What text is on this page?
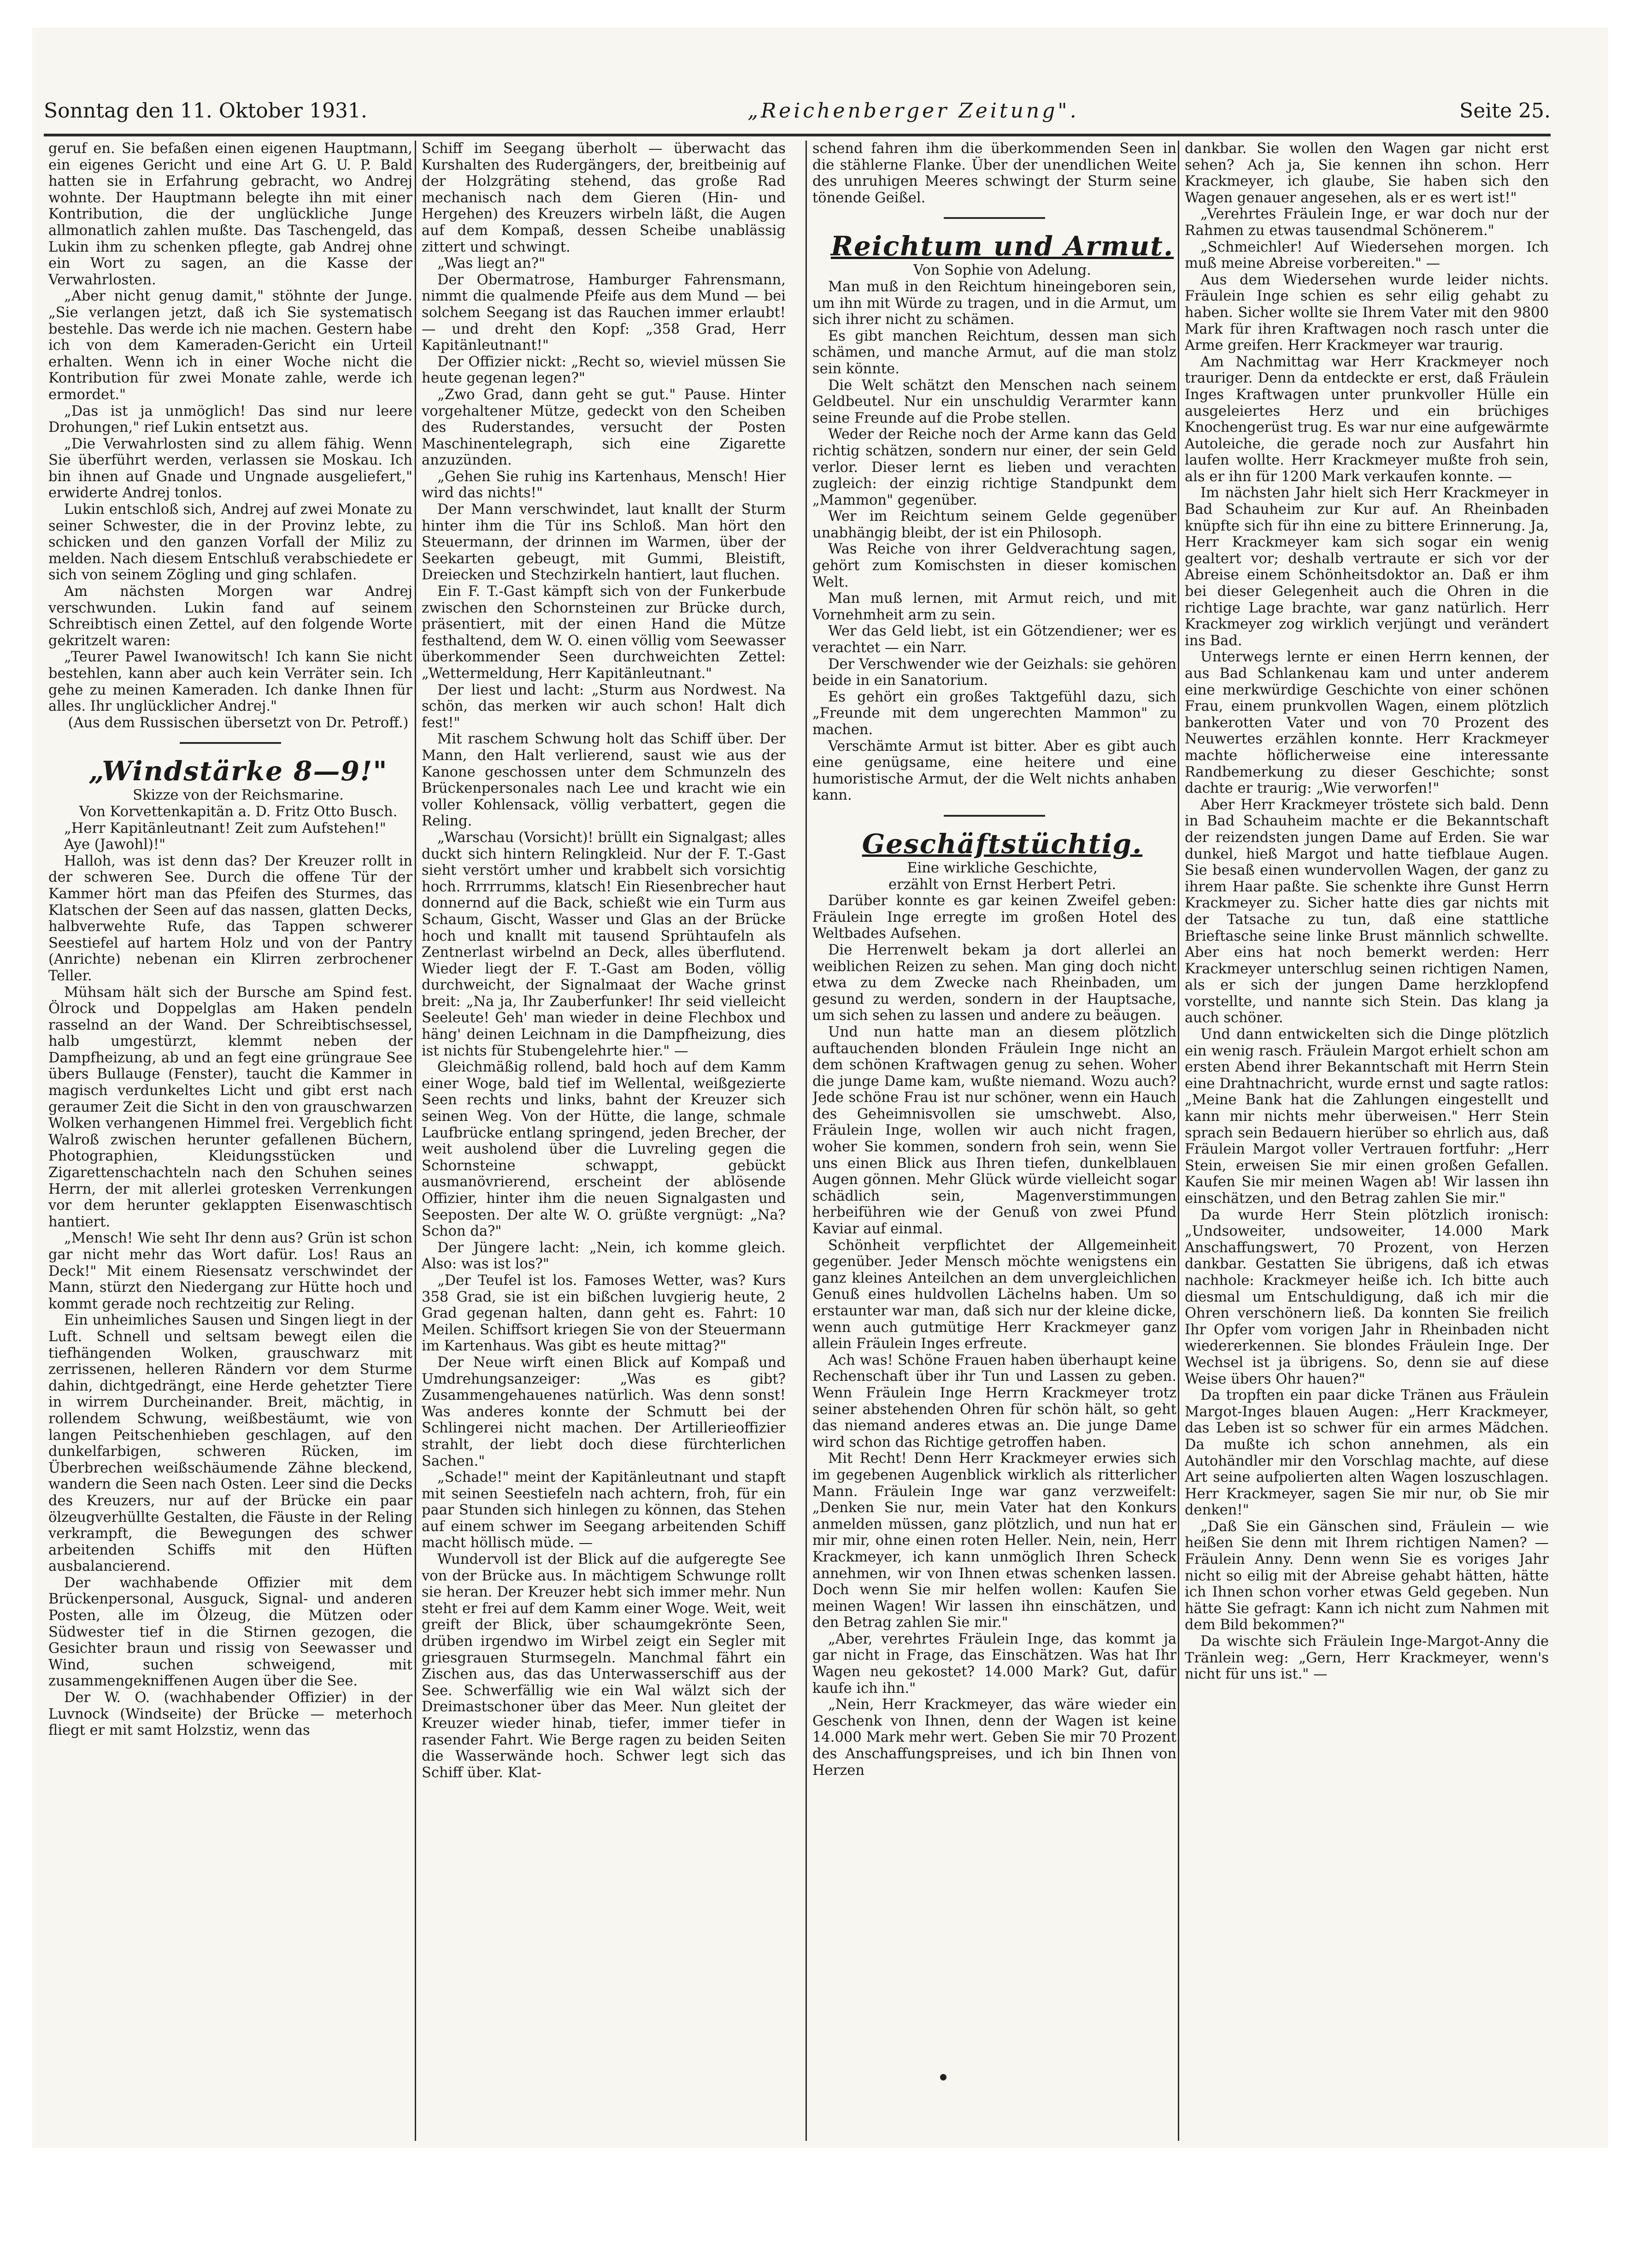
Sonntag den 11. Oktober 1931.	„Reichenberger Zeitung".	Seite 25.

geruf en. Sie befaßen einen eigenen Hauptmann, ein eigenes Gericht und eine Art G. U. P. Bald hatten sie in Erfahrung gebracht, wo Andrej wohnte. Der Hauptmann belegte ihn mit einer Kontribution, die der unglückliche Junge allmonatlich zahlen mußte. Das Taschengeld, das Lukin ihm zu schenken pflegte, gab Andrej ohne ein Wort zu sagen, an die Kasse der Verwahrlosten.

„Aber nicht genug damit," stöhnte der Junge. „Sie verlangen jetzt, daß ich Sie systematisch bestehle. Das werde ich nie machen. Gestern habe ich von dem Kameraden-Gericht ein Urteil erhalten. Wenn ich in einer Woche nicht die Kontribution für zwei Monate zahle, werde ich ermordet."

„Das ist ja unmöglich! Das sind nur leere Drohungen," rief Lukin entsetzt aus.

„Die Verwahrlosten sind zu allem fähig. Wenn Sie überführt werden, verlassen sie Moskau. Ich bin ihnen auf Gnade und Ungnade ausgeliefert," erwiderte Andrej tonlos.

Lukin entschloß sich, Andrej auf zwei Monate zu seiner Schwester, die in der Provinz lebte, zu schicken und den ganzen Vorfall der Miliz zu melden. Nach diesem Entschluß verabschiedete er sich von seinem Zögling und ging schlafen.

Am nächsten Morgen war Andrej verschwunden. Lukin fand auf seinem Schreibtisch einen Zettel, auf den folgende Worte gekritzelt waren:

„Teurer Pawel Iwanowitsch! Ich kann Sie nicht bestehlen, kann aber auch kein Verräter sein. Ich gehe zu meinen Kameraden. Ich danke Ihnen für alles. Ihr unglücklicher Andrej."

(Aus dem Russischen übersetzt von Dr. Petroff.)

„Windstärke 8—9!"

Skizze von der Reichsmarine.

Von Korvettenkapitän a. D. Fritz Otto Busch.

„Herr Kapitänleutnant! Zeit zum Aufstehen!"

Aye (Jawohl)!"

Halloh, was ist denn das? Der Kreuzer rollt in der schweren See. Durch die offene Tür der Kammer hört man das Pfeifen des Sturmes, das Klatschen der Seen auf das nassen, glatten Decks, halbverwehte Rufe, das Tappen schwerer Seestiefel auf hartem Holz und von der Pantry (Anrichte) nebenan ein Klirren zerbrochener Teller.

Mühsam hält sich der Bursche am Spind fest. Ölrock und Doppelglas am Haken pendeln rasselnd an der Wand. Der Schreibtischsessel, halb umgestürzt, klemmt neben der Dampfheizung, ab und an fegt eine grüngraue See übers Bullauge (Fenster), taucht die Kammer in magisch verdunkeltes Licht und gibt erst nach geraumer Zeit die Sicht in den von grauschwarzen Wolken verhangenen Himmel frei. Vergeblich ficht Walroß zwischen herunter gefallenen Büchern, Photographien, Kleidungsstücken und Zigarettenschachteln nach den Schuhen seines Herrn, der mit allerlei grotesken Verrenkungen vor dem herunter geklappten Eisenwaschtisch hantiert.

„Mensch! Wie seht Ihr denn aus? Grün ist schon gar nicht mehr das Wort dafür. Los! Raus an Deck!" Mit einem Riesensatz verschwindet der Mann, stürzt den Niedergang zur Hütte hoch und kommt gerade noch rechtzeitig zur Reling.

Ein unheimliches Sausen und Singen liegt in der Luft. Schnell und seltsam bewegt eilen die tiefhängenden Wolken, grauschwarz mit zerrissenen, helleren Rändern vor dem Sturme dahin, dichtgedrängt, eine Herde gehetzter Tiere in wirrem Durcheinander. Breit, mächtig, in rollendem Schwung, weißbestäumt, wie von langen Peitschenhieben geschlagen, auf den dunkelfarbigen, schweren Rücken, im Überbrechen weißschäumende Zähne bleckend, wandern die Seen nach Osten. Leer sind die Decks des Kreuzers, nur auf der Brücke ein paar ölzeugverhüllte Gestalten, die Fäuste in der Reling verkrampft, die Bewegungen des schwer arbeitenden Schiffs mit den Hüften ausbalancierend.

Der wachhabende Offizier mit dem Brückenpersonal, Ausguck, Signal- und anderen Posten, alle im Ölzeug, die Mützen oder Südwester tief in die Stirnen gezogen, die Gesichter braun und rissig von Seewasser und Wind, suchen schweigend, mit zusammengekniffenen Augen über die See.

Der W. O. (wachhabender Offizier) in der Luvnock (Windseite) der Brücke — meterhoch fliegt er mit samt Holzstiz, wenn das

Schiff im Seegang überholt — überwacht das Kurshalten des Rudergängers, der, breitbeinig auf der Holzgräting stehend, das große Rad mechanisch nach dem Gieren (Hin- und Hergehen) des Kreuzers wirbeln läßt, die Augen auf dem Kompaß, dessen Scheibe unablässig zittert und schwingt.

„Was liegt an?"

Der Obermatrose, Hamburger Fahrensmann, nimmt die qualmende Pfeife aus dem Mund — bei solchem Seegang ist das Rauchen immer erlaubt! — und dreht den Kopf: „358 Grad, Herr Kapitänleutnant!"

Der Offizier nickt: „Recht so, wieviel müssen Sie heute gegenan legen?"

„Zwo Grad, dann geht se gut." Pause. Hinter vorgehaltener Mütze, gedeckt von den Scheiben des Ruderstandes, versucht der Posten Maschinentelegraph, sich eine Zigarette anzuzünden.

„Gehen Sie ruhig ins Kartenhaus, Mensch! Hier wird das nichts!"

Der Mann verschwindet, laut knallt der Sturm hinter ihm die Tür ins Schloß. Man hört den Steuermann, der drinnen im Warmen, über der Seekarten gebeugt, mit Gummi, Bleistift, Dreiecken und Stechzirkeln hantiert, laut fluchen.

Ein F. T.-Gast kämpft sich von der Funkerbude zwischen den Schornsteinen zur Brücke durch, präsentiert, mit der einen Hand die Mütze festhaltend, dem W. O. einen völlig vom Seewasser überkommender Seen durchweichten Zettel: „Wettermeldung, Herr Kapitänleutnant."

Der liest und lacht: „Sturm aus Nordwest. Na schön, das merken wir auch schon! Halt dich fest!"

Mit raschem Schwung holt das Schiff über. Der Mann, den Halt verlierend, saust wie aus der Kanone geschossen unter dem Schmunzeln des Brückenpersonales nach Lee und kracht wie ein voller Kohlensack, völlig verbattert, gegen die Reling.

„Warschau (Vorsicht)! brüllt ein Signalgast; alles duckt sich hintern Relingkleid. Nur der F. T.-Gast sieht verstört umher und krabbelt sich vorsichtig hoch. Rrrrrumms, klatsch! Ein Riesenbrecher haut donnernd auf die Back, schießt wie ein Turm aus Schaum, Gischt, Wasser und Glas an der Brücke hoch und knallt mit tausend Sprühtaufeln als Zentnerlast wirbelnd an Deck, alles überflutend. Wieder liegt der F. T.-Gast am Boden, völlig durchweicht, der Signalmaat der Wache grinst breit: „Na ja, Ihr Zauberfunker! Ihr seid vielleicht Seeleute! Geh' man wieder in deine Flechbox und häng' deinen Leichnam in die Dampfheizung, dies ist nichts für Stubengelehrte hier." —

Gleichmäßig rollend, bald hoch auf dem Kamm einer Woge, bald tief im Wellental, weißgezierte Seen rechts und links, bahnt der Kreuzer sich seinen Weg. Von der Hütte, die lange, schmale Laufbrücke entlang springend, jeden Brecher, der weit ausholend über die Luvreling gegen die Schornsteine schwappt, gebückt ausmanövrierend, erscheint der ablösende Offizier, hinter ihm die neuen Signalgasten und Seeposten. Der alte W. O. grüßte vergnügt: „Na? Schon da?"

Der Jüngere lacht: „Nein, ich komme gleich. Also: was ist los?"

„Der Teufel ist los. Famoses Wetter, was? Kurs 358 Grad, sie ist ein bißchen luvgierig heute, 2 Grad gegenan halten, dann geht es. Fahrt: 10 Meilen. Schiffsort kriegen Sie von der Steuermann im Kartenhaus. Was gibt es heute mittag?"

Der Neue wirft einen Blick auf Kompaß und Umdrehungsanzeiger: „Was es gibt? Zusammengehauenes natürlich. Was denn sonst! Was anderes konnte der Schmutt bei der Schlingerei nicht machen. Der Artilleriеoffizier strahlt, der liebt doch diese fürchterlichen Sachen."

„Schade!" meint der Kapitänleutnant und stapft mit seinen Seestiefeln nach achtern, froh, für ein paar Stunden sich hinlegen zu können, das Stehen auf einem schwer im Seegang arbeitenden Schiff macht höllisch müde. —

Wundervoll ist der Blick auf die aufgeregte See von der Brücke aus. In mächtigem Schwunge rollt sie heran. Der Kreuzer hebt sich immer mehr. Nun steht er frei auf dem Kamm einer Woge. Weit, weit greift der Blick, über schaumgekrönte Seen, drüben irgendwo im Wirbel zeigt ein Segler mit griesgrauen Sturmsegeln. Manchmal fährt ein Zischen aus, das das Unterwasserschiff aus der See. Schwerfällig wie ein Wal wälzt sich der Dreimastschoner über das Meer. Nun gleitet der Kreuzer wieder hinab, tiefer, immer tiefer in rasender Fahrt. Wie Berge ragen zu beiden Seiten die Wasserwände hoch. Schwer legt sich das Schiff über. Klat-

schend fahren ihm die überkommenden Seen in die stählerne Flanke. Über der unendlichen Weite des unruhigen Meeres schwingt der Sturm seine tönende Geißel.

Reichtum und Armut.

Von Sophie von Adelung.

Man muß in den Reichtum hineingeboren sein, um ihn mit Würde zu tragen, und in die Armut, um sich ihrer nicht zu schämen.

Es gibt manchen Reichtum, dessen man sich schämen, und manche Armut, auf die man stolz sein könnte.

Die Welt schätzt den Menschen nach seinem Geldbeutel. Nur ein unschuldig Verarmter kann seine Freunde auf die Probe stellen.

Weder der Reiche noch der Arme kann das Geld richtig schätzen, sondern nur einer, der sein Geld verlor. Dieser lernt es lieben und verachten zugleich: der einzig richtige Standpunkt dem „Mammon" gegenüber.

Wer im Reichtum seinem Gelde gegenüber unabhängig bleibt, der ist ein Philosoph.

Was Reiche von ihrer Geldverachtung sagen, gehört zum Komischsten in dieser komischen Welt.

Man muß lernen, mit Armut reich, und mit Vornehmheit arm zu sein.

Wer das Geld liebt, ist ein Götzendiener; wer es verachtet — ein Narr.

Der Verschwender wie der Geizhals: sie gehören beide in ein Sanatorium.

Es gehört ein großes Taktgefühl dazu, sich „Freunde mit dem ungerechten Mammon" zu machen.

Verschämte Armut ist bitter. Aber es gibt auch eine genügsame, eine heitere und eine humoristische Armut, der die Welt nichts anhaben kann.

Geschäftstüchtig.

Eine wirkliche Geschichte,

erzählt von Ernst Herbert Petri.

Darüber konnte es gar keinen Zweifel geben: Fräulein Inge erregte im großen Hotel des Weltbades Aufsehen.

Die Herrenwelt bekam ja dort allerlei an weiblichen Reizen zu sehen. Man ging doch nicht etwa zu dem Zwecke nach Rheinbaden, um gesund zu werden, sondern in der Hauptsache, um sich sehen zu lassen und andere zu beäugen.

Und nun hatte man an diesem plötzlich auftauchenden blonden Fräulein Inge nicht an dem schönen Kraftwagen genug zu sehen. Woher die junge Dame kam, wußte niemand. Wozu auch? Jede schöne Frau ist nur schöner, wenn ein Hauch des Geheimnisvollen sie umschwebt. Also, Fräulein Inge, wollen wir auch nicht fragen, woher Sie kommen, sondern froh sein, wenn Sie uns einen Blick aus Ihren tiefen, dunkelblauen Augen gönnen. Mehr Glück würde vielleicht sogar schädlich sein, Magenverstimmungen herbeiführen wie der Genuß von zwei Pfund Kaviar auf einmal.

Schönheit verpflichtet der Allgemeinheit gegenüber. Jeder Mensch möchte wenigstens ein ganz kleines Anteilchen an dem unvergleichlichen Genuß eines huldvollen Lächelns haben. Um so erstaunter war man, daß sich nur der kleine dicke, wenn auch gutmütige Herr Krackmeyer ganz allein Fräulein Inges erfreute.

Ach was! Schöne Frauen haben überhaupt keine Rechenschaft über ihr Tun und Lassen zu geben. Wenn Fräulein Inge Herrn Krackmeyer trotz seiner abstehenden Ohren für schön hält, so geht das niemand anderes etwas an. Die junge Dame wird schon das Richtige getroffen haben.

Mit Recht! Denn Herr Krackmeyer erwies sich im gegebenen Augenblick wirklich als ritterlicher Mann. Fräulein Inge war ganz verzweifelt: „Denken Sie nur, mein Vater hat den Konkurs anmelden müssen, ganz plötzlich, und nun hat er mir mir, ohne einen roten Heller. Nein, nein, Herr Krackmeyer, ich kann unmöglich Ihren Scheck annehmen, wir von Ihnen etwas schenken lassen. Doch wenn Sie mir helfen wollen: Kaufen Sie meinen Wagen! Wir lassen ihn einschätzen, und den Betrag zahlen Sie mir."

„Aber, verehrtes Fräulein Inge, das kommt ja gar nicht in Frage, das Einschätzen. Was hat Ihr Wagen neu gekostet? 14.000 Mark? Gut, dafür kaufe ich ihn."

„Nein, Herr Krackmeyer, das wäre wieder ein Geschenk von Ihnen, denn der Wagen ist keine 14.000 Mark mehr wert. Geben Sie mir 70 Prozent des Anschaffungspreises, und ich bin Ihnen von Herzen

dankbar. Sie wollen den Wagen gar nicht erst sehen? Ach ja, Sie kennen ihn schon. Herr Krackmeyer, ich glaube, Sie haben sich den Wagen genauer angesehen, als er es wert ist!"

„Verehrtes Fräulein Inge, er war doch nur der Rahmen zu etwas tausendmal Schönerem."

„Schmeichler! Auf Wiedersehen morgen. Ich muß meine Abreise vorbereiten." —

Aus dem Wiedersehen wurde leider nichts. Fräulein Inge schien es sehr eilig gehabt zu haben. Sicher wollte sie Ihrem Vater mit den 9800 Mark für ihren Kraftwagen noch rasch unter die Arme greifen. Herr Krackmeyer war traurig.

Am Nachmittag war Herr Krackmeyer noch trauriger. Denn da entdeckte er erst, daß Fräulein Inges Kraftwagen unter prunkvoller Hülle ein ausgeleiertes Herz und ein brüchiges Knochengerüst trug. Es war nur eine aufgewärmte Autoleiche, die gerade noch zur Ausfahrt hin laufen wollte. Herr Krackmeyer mußte froh sein, als er ihn für 1200 Mark verkaufen konnte. —

Im nächsten Jahr hielt sich Herr Krackmeyer in Bad Schauheim zur Kur auf. An Rheinbaden knüpfte sich für ihn eine zu bittere Erinnerung. Ja, Herr Krackmeyer kam sich sogar ein wenig gealtert vor; deshalb vertraute er sich vor der Abreise einem Schönheitsdoktor an. Daß er ihm bei dieser Gelegenheit auch die Ohren in die richtige Lage brachte, war ganz natürlich. Herr Krackmeyer zog wirklich verjüngt und verändert ins Bad.

Unterwegs lernte er einen Herrn kennen, der aus Bad Schlankenau kam und unter anderem eine merkwürdige Geschichte von einer schönen Frau, einem prunkvollen Wagen, einem plötzlich bankerotten Vater und von 70 Prozent des Neuwertes erzählen konnte. Herr Krackmeyer machte höflicherweise eine interessante Randbemerkung zu dieser Geschichte; sonst dachte er traurig: „Wie verworfen!"

Aber Herr Krackmeyer tröstete sich bald. Denn in Bad Schauheim machte er die Bekanntschaft der reizendsten jungen Dame auf Erden. Sie war dunkel, hieß Margot und hatte tiefblaue Augen. Sie besaß einen wundervollen Wagen, der ganz zu ihrem Haar paßte. Sie schenkte ihre Gunst Herrn Krackmeyer zu. Sicher hatte dies gar nichts mit der Tatsache zu tun, daß eine stattliche Brieftasche seine linke Brust männlich schwellte. Aber eins hat noch bemerkt werden: Herr Krackmeyer unterschlug seinen richtigen Namen, als er sich der jungen Dame herzklopfend vorstellte, und nannte sich Stein. Das klang ja auch schöner.

Und dann entwickelten sich die Dinge plötzlich ein wenig rasch. Fräulein Margot erhielt schon am ersten Abend ihrer Bekanntschaft mit Herrn Stein eine Drahtnachricht, wurde ernst und sagte ratlos: „Meine Bank hat die Zahlungen eingestellt und kann mir nichts mehr überweisen." Herr Stein sprach sein Bedauern hierüber so ehrlich aus, daß Fräulein Margot voller Vertrauen fortfuhr: „Herr Stein, erweisen Sie mir einen großen Gefallen. Kaufen Sie mir meinen Wagen ab! Wir lassen ihn einschätzen, und den Betrag zahlen Sie mir."

Da wurde Herr Stein plötzlich ironisch: „Undsoweiter, undsoweiter, 14.000 Mark Anschaffungswert, 70 Prozent, von Herzen dankbar. Gestatten Sie übrigens, daß ich etwas nachhole: Krackmeyer heiße ich. Ich bitte auch diesmal um Entschuldigung, daß ich mir die Ohren verschönern ließ. Da konnten Sie freilich Ihr Opfer vom vorigen Jahr in Rheinbaden nicht wiedererkennen. Sie blondes Fräulein Inge. Der Wechsel ist ja übrigens. So, denn sie auf diese Weise übers Ohr hauen?"

Da tropften ein paar dicke Tränen aus Fräulein Margot-Inges blauen Augen: „Herr Krackmeyer, das Leben ist so schwer für ein armes Mädchen. Da mußte ich schon annehmen, als ein Autohändler mir den Vorschlag machte, auf diese Art seine aufpolierten alten Wagen loszuschlagen. Herr Krackmeyer, sagen Sie mir nur, ob Sie mir denken!"

„Daß Sie ein Gänschen sind, Fräulein — wie heißen Sie denn mit Ihrem richtigen Namen? — Fräulein Anny. Denn wenn Sie es voriges Jahr nicht so eilig mit der Abreise gehabt hätten, hätte ich Ihnen schon vorher etwas Geld gegeben. Nun hätte Sie gefragt: Kann ich nicht zum Nahmen mit dem Bild bekommen?"

Da wischte sich Fräulein Inge-Margot-Anny die Tränlein weg: „Gern, Herr Krackmeyer, wenn's nicht für uns ist." —
